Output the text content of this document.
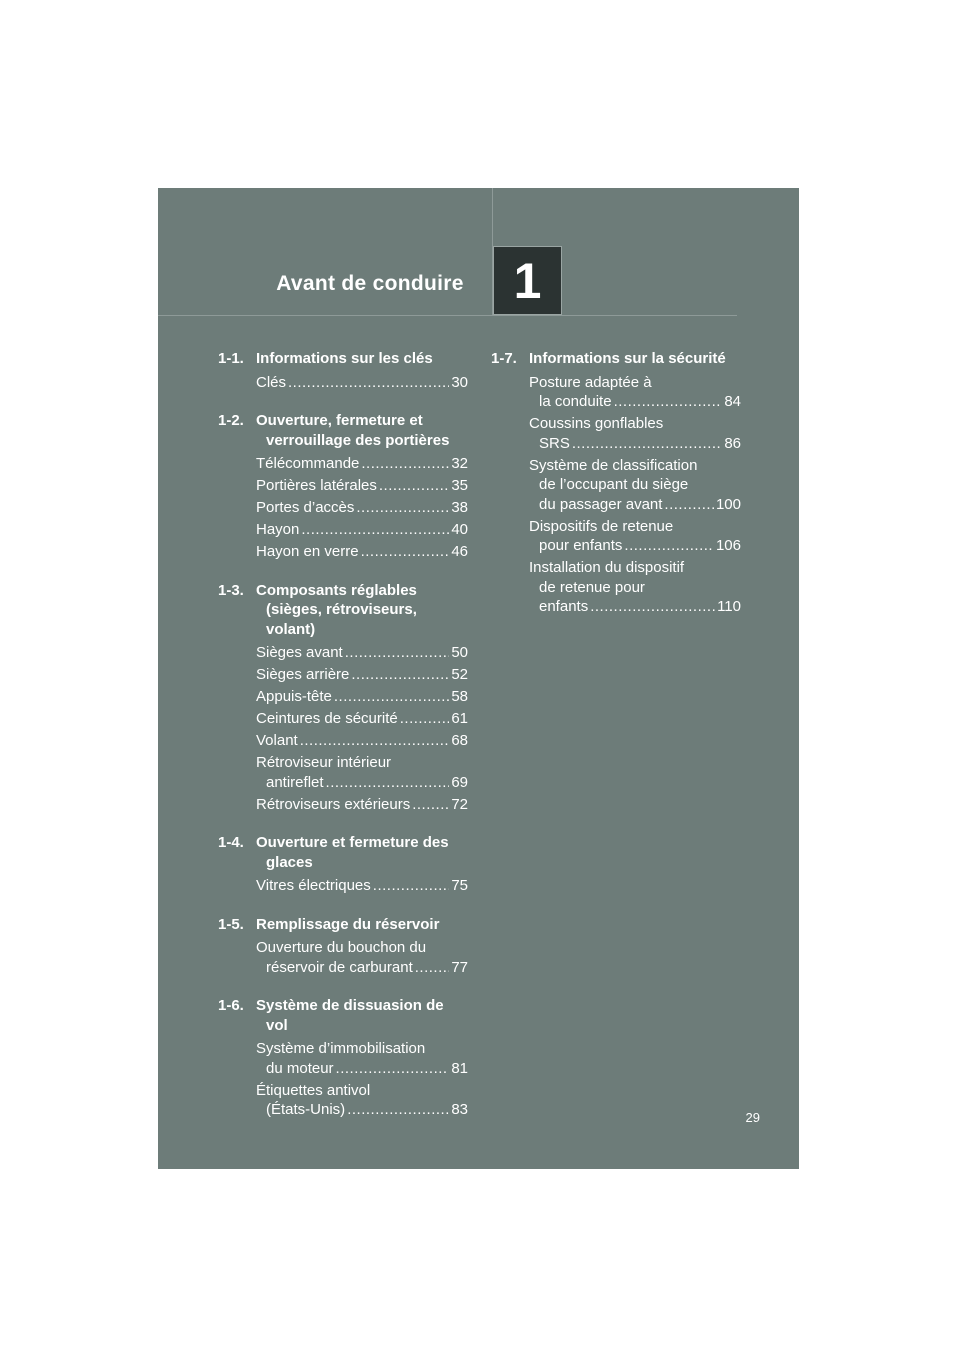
Avant de conduire 1
1-1. Informations sur les clés
Clés .....	30
1-2. Ouverture, fermeture et verrouillage des portières
Télécommande .....	32
Portières latérales .....	35
Portes d’accès .....	38
Hayon .....	40
Hayon en verre .....	46
1-3. Composants réglables (sièges, rétroviseurs, volant)
Sièges avant .....	50
Sièges arrière .....	52
Appuis-tête .....	58
Ceintures de sécurité .....	61
Volant .....	68
Rétroviseur intérieur
antireflet .....	69
Rétroviseurs extérieurs .....	72
1-4. Ouverture et fermeture des glaces
Vitres électriques .....	75
1-5. Remplissage du réservoir
Ouverture du bouchon du
réservoir de carburant .....	77
1-6. Système de dissuasion de vol
Système d’immobilisation
du moteur .....	81
Étiquettes antivol
(États-Unis) .....	83
1-7. Informations sur la sécurité
Posture adaptée à
la conduite .....	84
Coussins gonflables
SRS .....	86
Système de classification
de l’occupant du siège
du passager avant .....	100
Dispositifs de retenue
pour enfants .....	106
Installation du dispositif
de retenue pour
enfants .....	110
29
